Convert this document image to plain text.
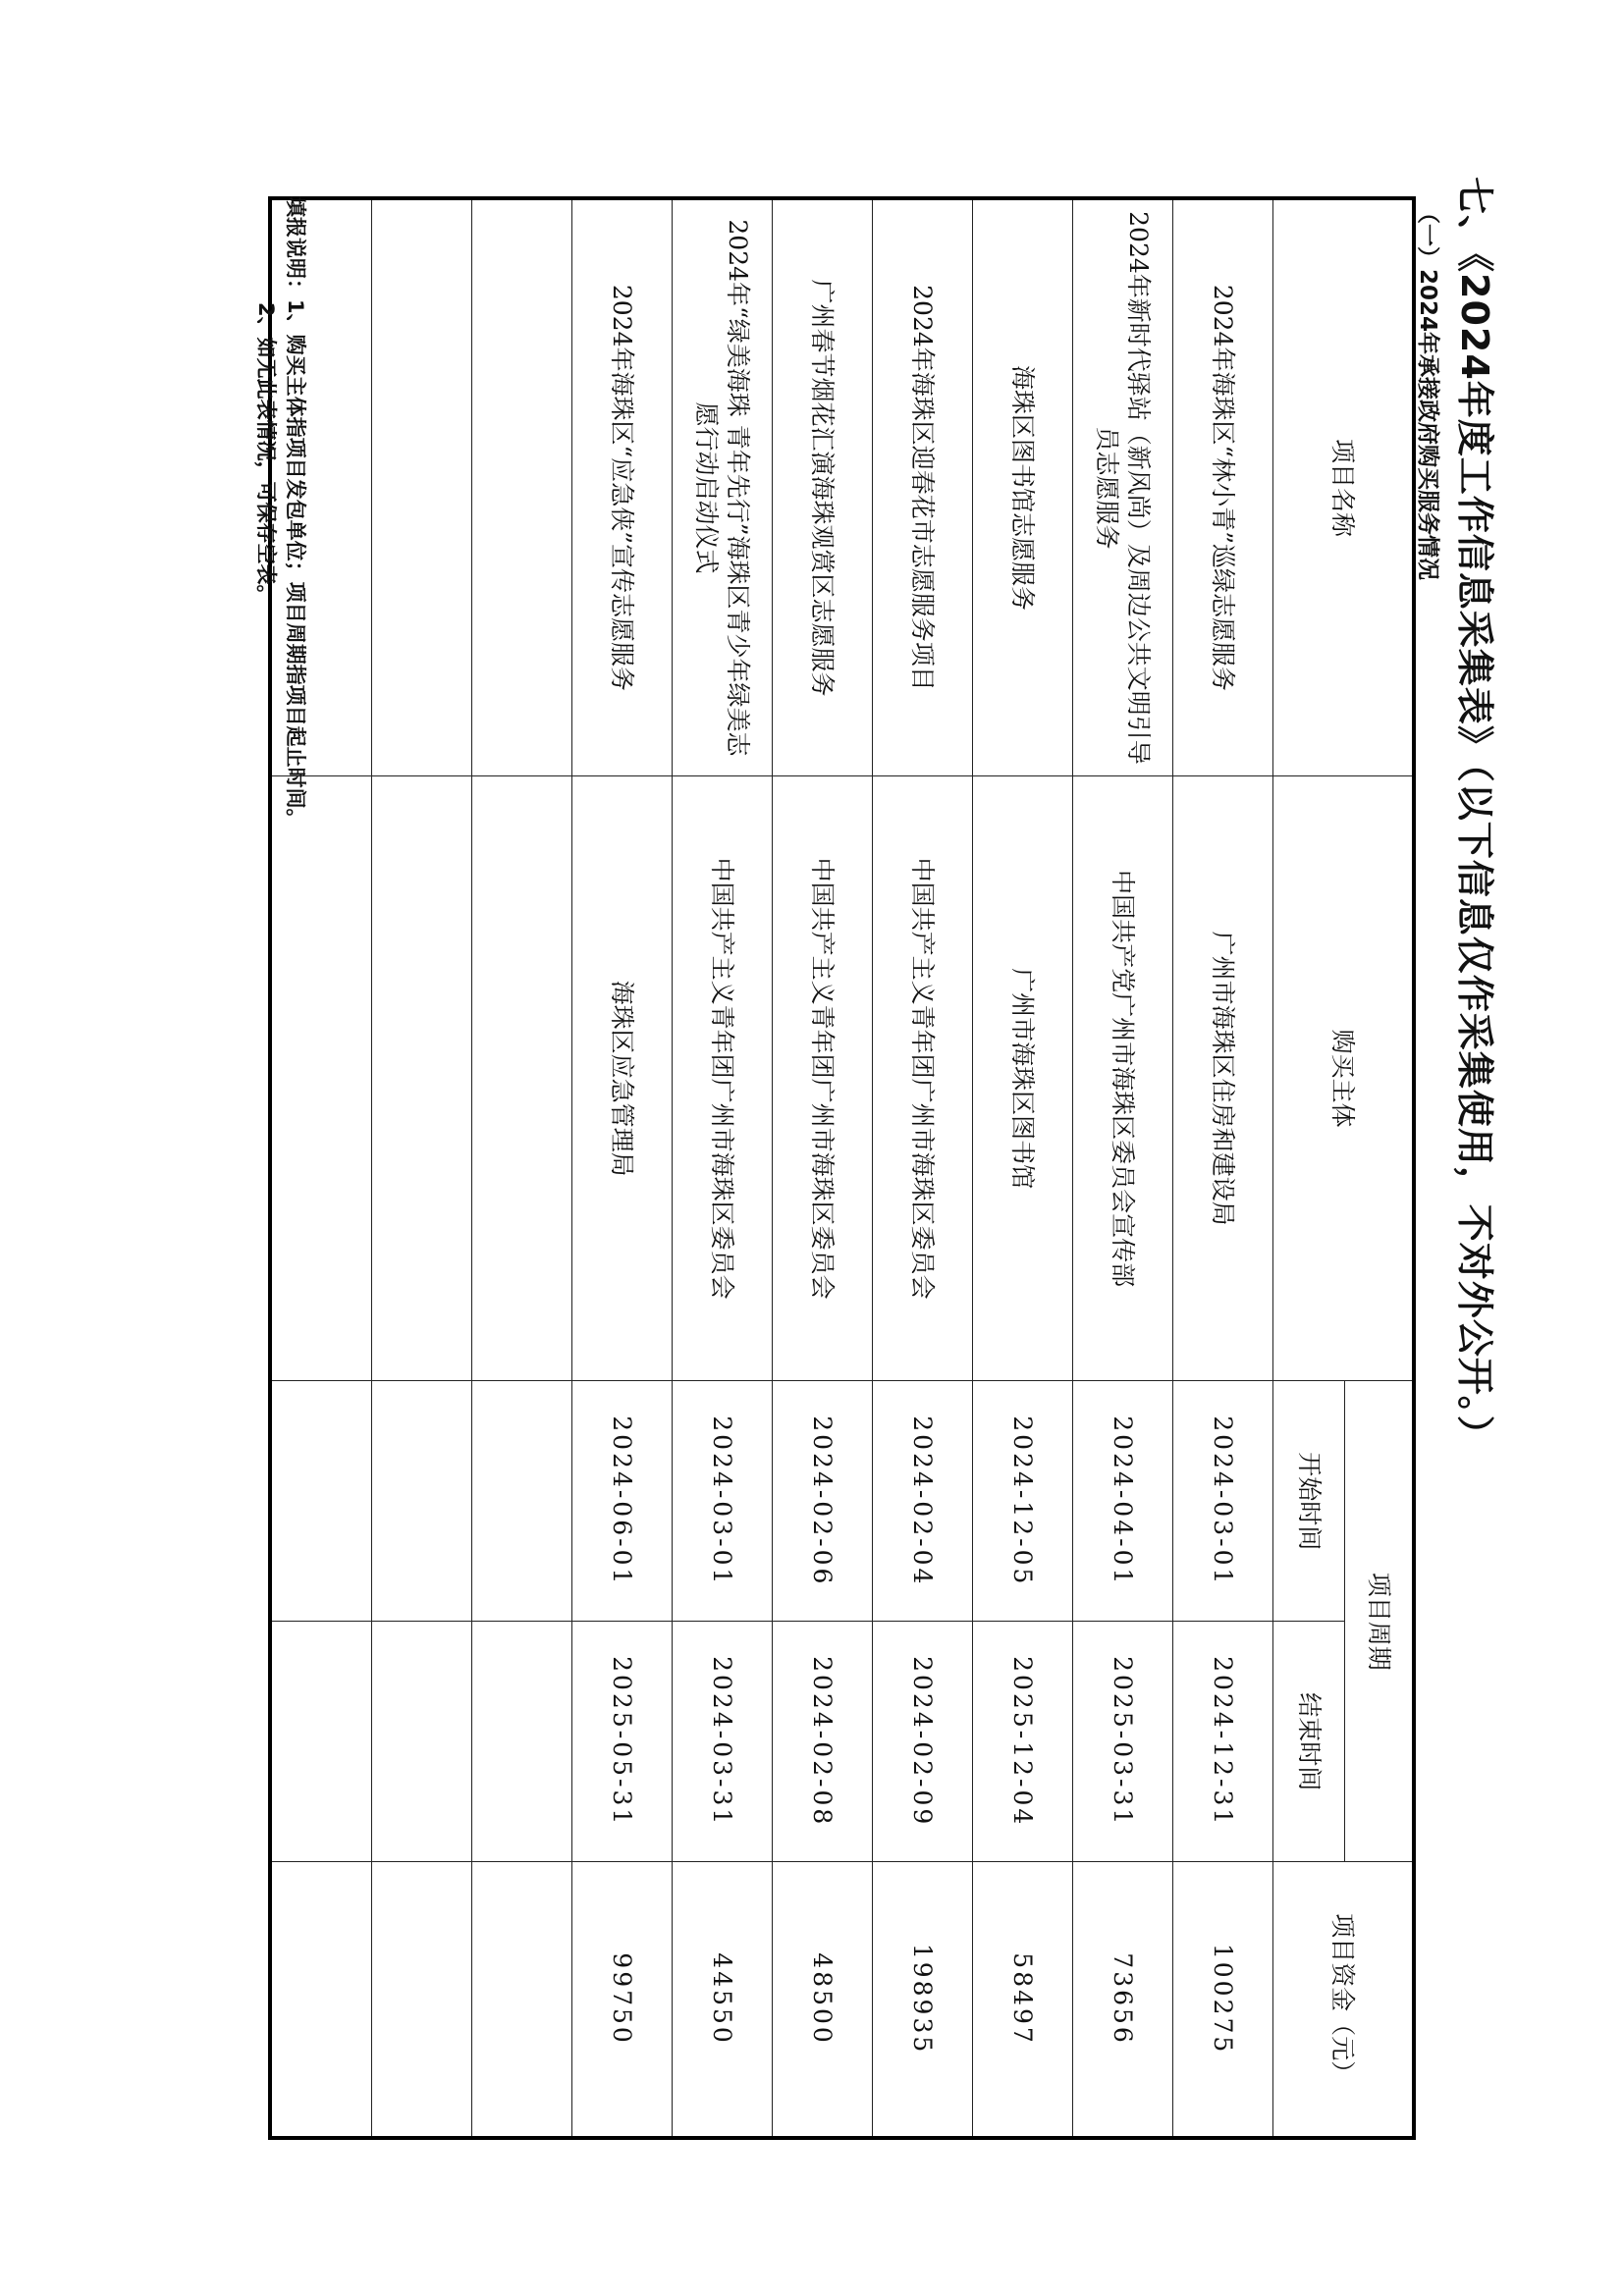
七、《2024年度工作信息采集表》（以下信息仅作采集使用，不对外公开。）
（一）2024年承接政府购买服务情况
项目名称	购买主体	项目周期		项目资金（元）
		开始时间	结束时间	
2024年海珠区“林小青”巡绿志愿服务	广州市海珠区住房和建设局	2024-03-01	2024-12-31	100275
2024年新时代驿站（新风尚）及周边公共文明引导员志愿服务	中国共产党广州市海珠区委员会宣传部	2024-04-01	2025-03-31	73656
海珠区图书馆志愿服务	广州市海珠区图书馆	2024-12-05	2025-12-04	58497
2024年海珠区迎春花市志愿服务项目	中国共产主义青年团广州市海珠区委员会	2024-02-04	2024-02-09	198935
广州春节烟花汇演海珠观赏区志愿服务	中国共产主义青年团广州市海珠区委员会	2024-02-06	2024-02-08	48500
2024年“绿美海珠 青年先行”海珠区青少年绿美志愿行动启动仪式	中国共产主义青年团广州市海珠区委员会	2024-03-01	2024-03-31	44550
2024年海珠区“应急侠”宣传志愿服务	海珠区应急管理局	2024-06-01	2025-05-31	99750

填报说明：1、购买主体指项目发包单位；项目周期指项目起止时间。
2、如无此表情况，可保存空表。
